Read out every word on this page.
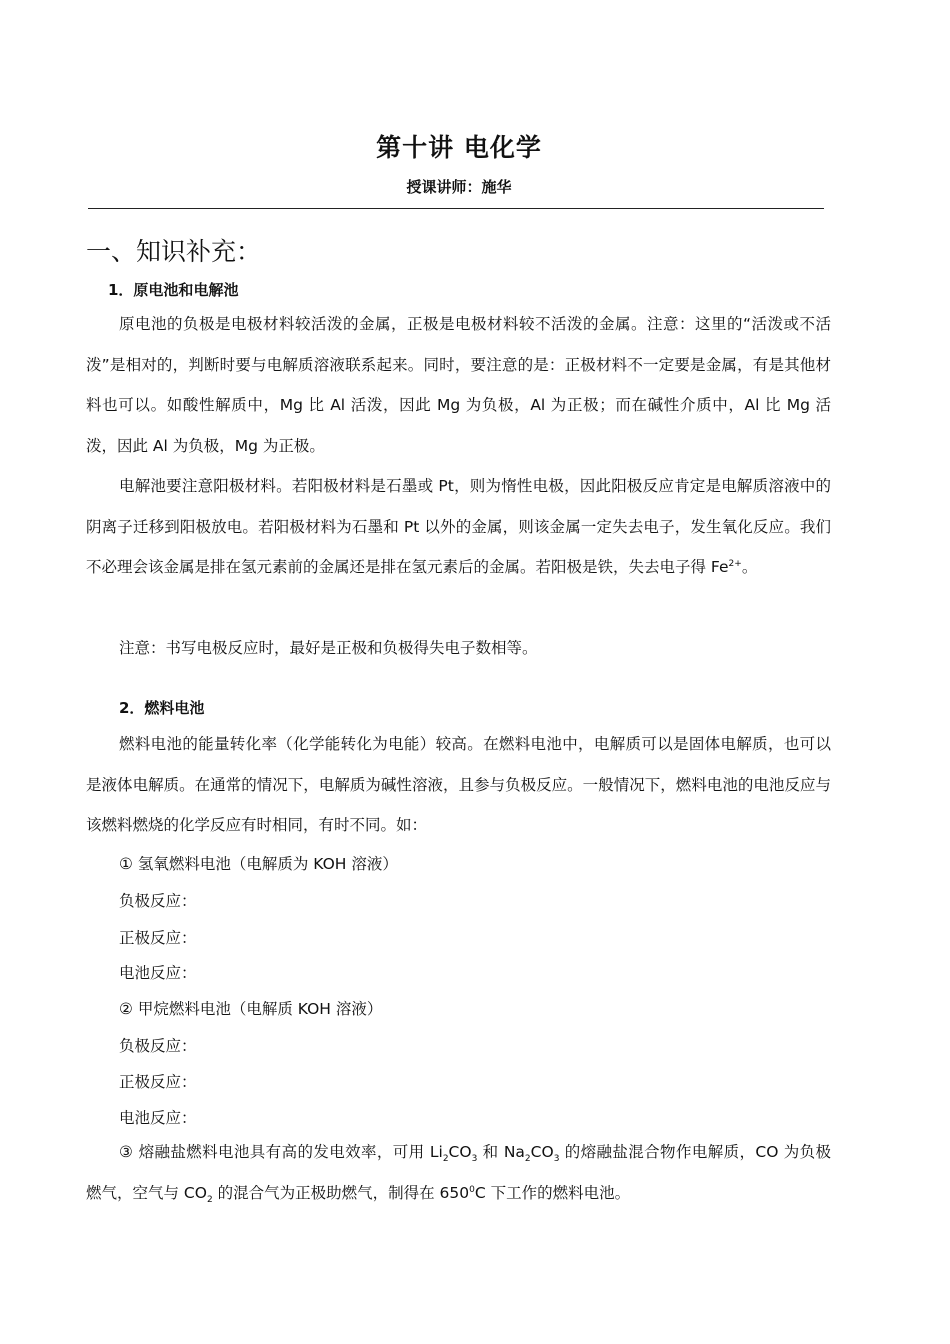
第十讲 电化学
授课讲师：施华
一、知识补充：
1．原电池和电解池
原电池的负极是电极材料较活泼的金属，正极是电极材料较不活泼的金属。注意：这里的“活泼或不活泼”是相对的，判断时要与电解质溶液联系起来。同时，要注意的是：正极材料不一定要是金属，有是其他材料也可以。如酸性解质中，Mg 比 Al 活泼，因此 Mg 为负极，Al 为正极；而在碱性介质中，Al 比 Mg 活泼，因此 Al 为负极，Mg 为正极。
电解池要注意阳极材料。若阳极材料是石墨或 Pt，则为惰性电极，因此阳极反应肯定是电解质溶液中的阴离子迁移到阳极放电。若阳极材料为石墨和 Pt 以外的金属，则该金属一定失去电子，发生氧化反应。我们不必理会该金属是排在氢元素前的金属还是排在氢元素后的金属。若阳极是铁，失去电子得 $Fe^{2+}$。
注意：书写电极反应时，最好是正极和负极得失电子数相等。
2．燃料电池
燃料电池的能量转化率（化学能转化为电能）较高。在燃料电池中，电解质可以是固体电解质，也可以是液体电解质。在通常的情况下，电解质为碱性溶液，且参与负极反应。一般情况下，燃料电池的电池反应与该燃料燃烧的化学反应有时相同，有时不同。如：
① 氢氧燃料电池（电解质为 KOH 溶液）
负极反应：
正极反应：
电池反应：
② 甲烷燃料电池（电解质 KOH 溶液）
负极反应：
正极反应：
电池反应：
③ 熔融盐燃料电池具有高的发电效率，可用 $Li_2CO_3$ 和 $Na_2CO_3$ 的熔融盐混合物作电解质，CO 为负极燃气，空气与 $CO_2$ 的混合气为正极助燃气，制得在 $650^0C$ 下工作的燃料电池。
